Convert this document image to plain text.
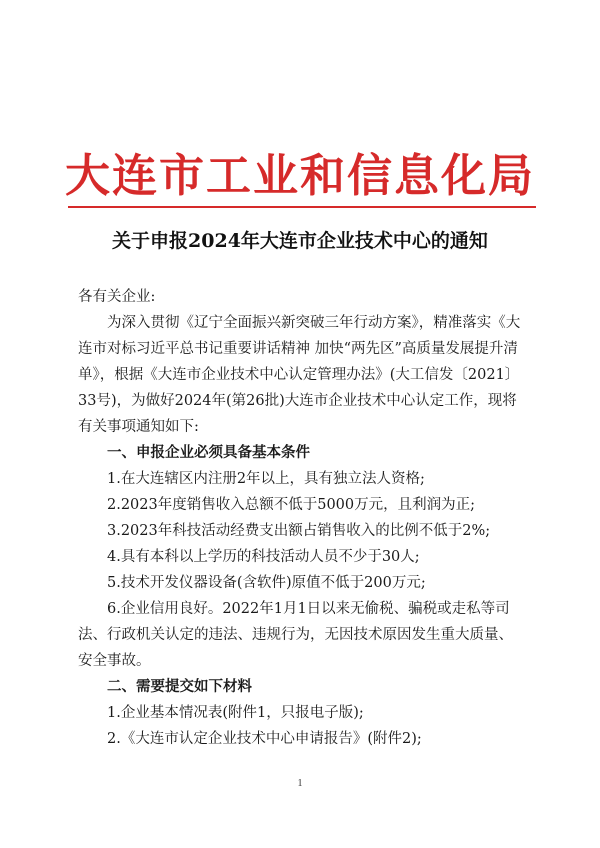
大连市工业和信息化局
关于申报2024年大连市企业技术中心的通知

各有关企业:

为深入贯彻《辽宁全面振兴新突破三年行动方案》，精准落实《大连市对标习近平总书记重要讲话精神 加快“两先区”高质量发展提升清单》，根据《大连市企业技术中心认定管理办法》(大工信发〔2021〕33号)，为做好2024年(第26批)大连市企业技术中心认定工作，现将有关事项通知如下:

一、申报企业必须具备基本条件

1.在大连辖区内注册2年以上，具有独立法人资格;

2.2023年度销售收入总额不低于5000万元，且利润为正;

3.2023年科技活动经费支出额占销售收入的比例不低于2%;

4.具有本科以上学历的科技活动人员不少于30人;

5.技术开发仪器设备(含软件)原值不低于200万元;

6.企业信用良好。2022年1月1日以来无偷税、骗税或走私等司法、行政机关认定的违法、违规行为，无因技术原因发生重大质量、安全事故。

二、需要提交如下材料

1.企业基本情况表(附件1，只报电子版);

2.《大连市认定企业技术中心申请报告》(附件2);

1
